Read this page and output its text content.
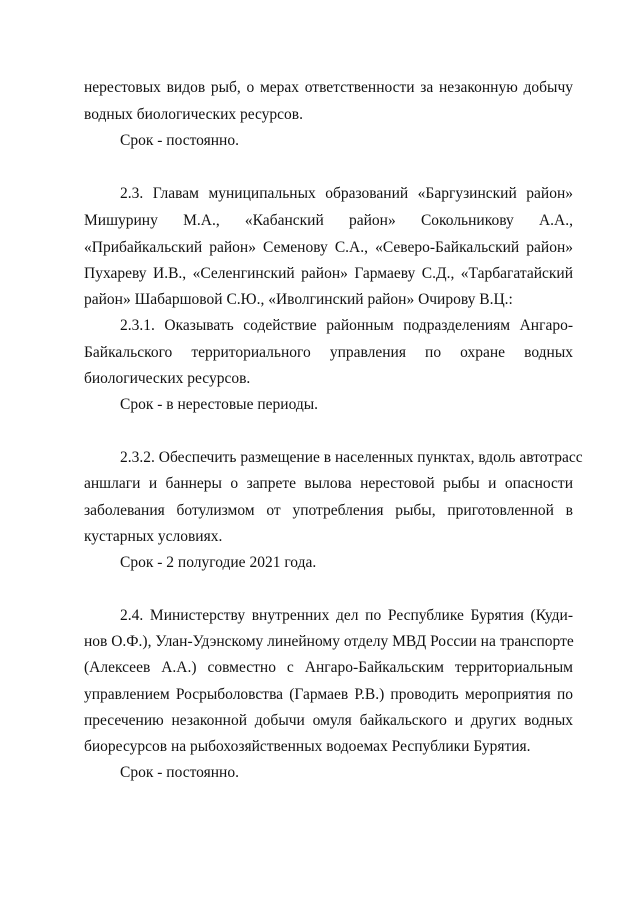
нерестовых видов рыб, о мерах ответственности за незаконную добычу

водных биологических ресурсов.

Срок - постоянно.

2.3. Главам муниципальных образований «Баргузинский район»

Мишурину М.А., «Кабанский район» Сокольникову А.А.,

«Прибайкальский район» Семенову С.А., «Северо-Байкальский район»

Пухареву И.В., «Селенгинский район» Гармаеву С.Д., «Тарбагатайский

район» Шабаршовой С.Ю., «Иволгинский район» Очирову В.Ц.:

2.3.1. Оказывать содействие районным подразделениям Ангаро-

Байкальского территориального управления по охране водных

биологических ресурсов.

Срок - в нерестовые периоды.

2.3.2. Обеспечить размещение в населенных пунктах, вдоль автотрасс

аншлаги и баннеры о запрете вылова нерестовой рыбы и опасности

заболевания ботулизмом от употребления рыбы, приготовленной в

кустарных условиях.

Срок - 2 полугодие 2021 года.

2.4. Министерству внутренних дел по Республике Бурятия (Куди-

нов О.Ф.), Улан-Удэнскому линейному отделу МВД России на транспорте

(Алексеев А.А.) совместно с Ангаро-Байкальским территориальным

управлением Росрыболовства (Гармаев Р.В.) проводить мероприятия по

пресечению незаконной добычи омуля байкальского и других водных

биоресурсов на рыбохозяйственных водоемах Республики Бурятия.

Срок - постоянно.
